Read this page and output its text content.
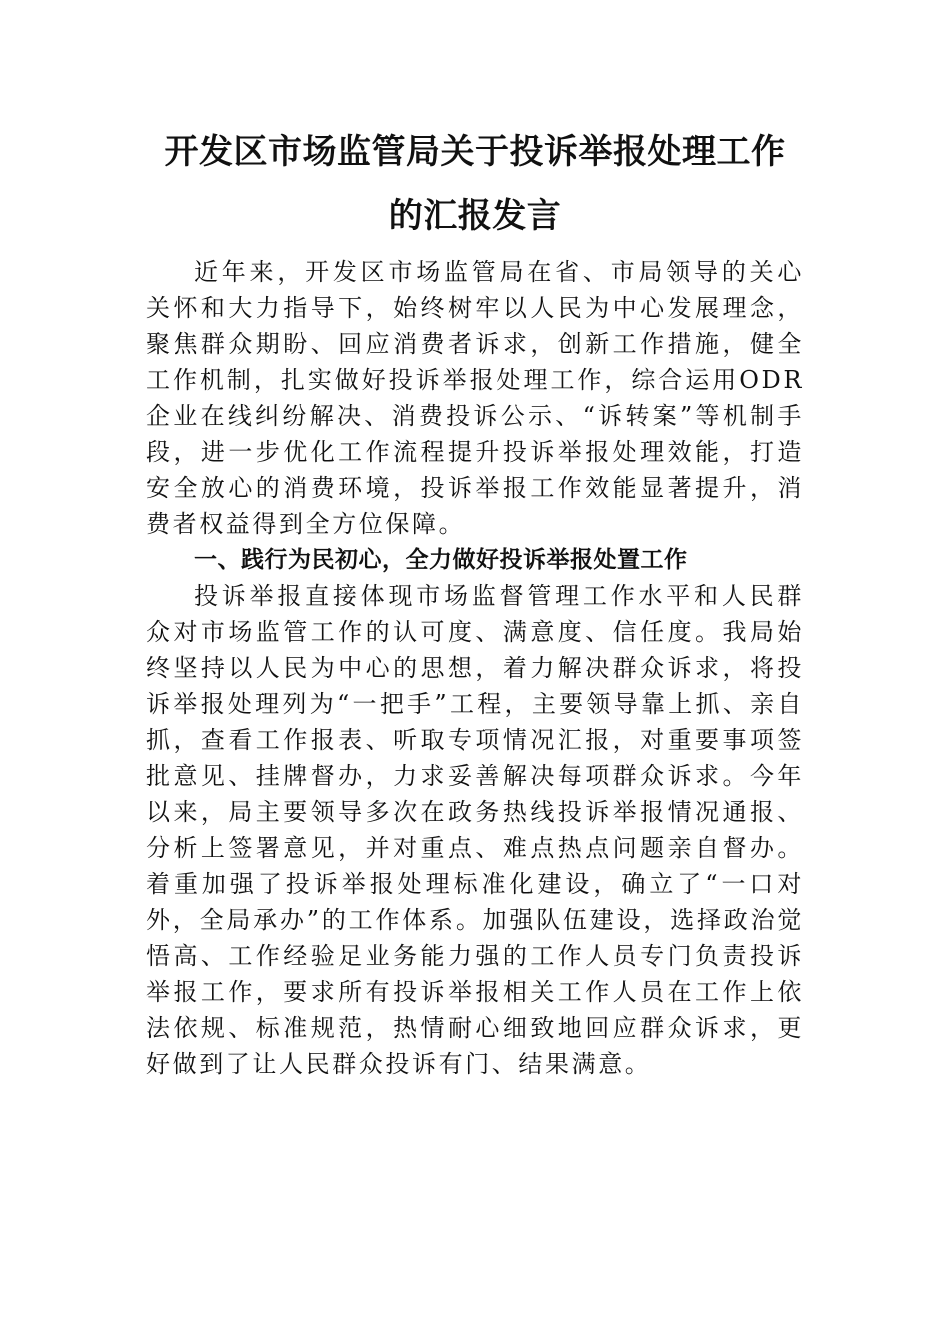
开发区市场监管局关于投诉举报处理工作
的汇报发言

近年来，开发区市场监管局在省、市局领导的关心关怀和大力指导下，始终树牢以人民为中心发展理念，聚焦群众期盼、回应消费者诉求，创新工作措施，健全工作机制，扎实做好投诉举报处理工作，综合运用ODR企业在线纠纷解决、消费投诉公示、“诉转案”等机制手段，进一步优化工作流程提升投诉举报处理效能，打造安全放心的消费环境，投诉举报工作效能显著提升，消费者权益得到全方位保障。

一、践行为民初心，全力做好投诉举报处置工作

投诉举报直接体现市场监督管理工作水平和人民群众对市场监管工作的认可度、满意度、信任度。我局始终坚持以人民为中心的思想，着力解决群众诉求，将投诉举报处理列为“一把手”工程，主要领导靠上抓、亲自抓，查看工作报表、听取专项情况汇报，对重要事项签批意见、挂牌督办，力求妥善解决每项群众诉求。今年以来，局主要领导多次在政务热线投诉举报情况通报、分析上签署意见，并对重点、难点热点问题亲自督办。着重加强了投诉举报处理标准化建设，确立了“一口对外，全局承办”的工作体系。加强队伍建设，选择政治觉悟高、工作经验足业务能力强的工作人员专门负责投诉举报工作，要求所有投诉举报相关工作人员在工作上依法依规、标准规范，热情耐心细致地回应群众诉求，更好做到了让人民群众投诉有门、结果满意。
